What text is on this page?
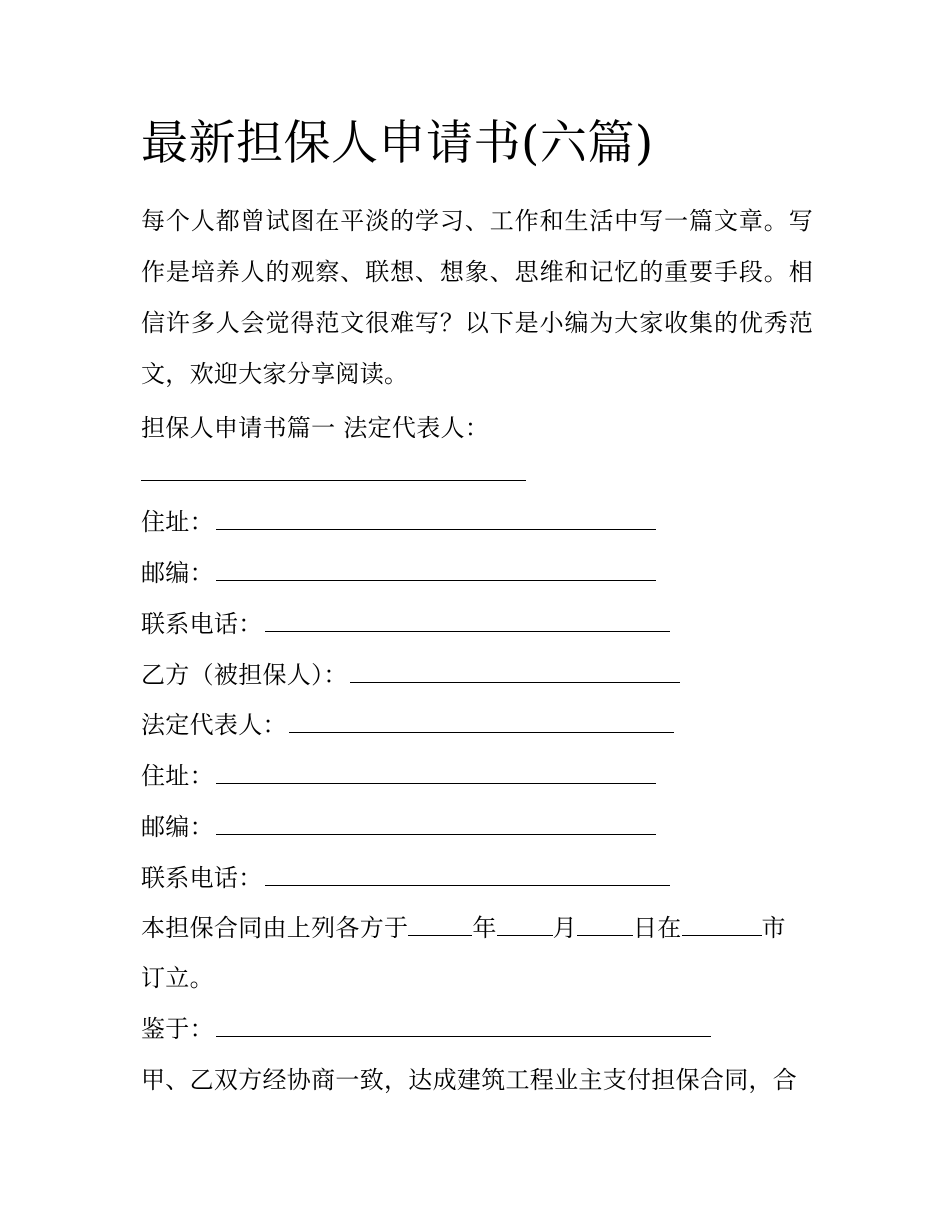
最新担保人申请书(六篇)
每个人都曾试图在平淡的学习、工作和生活中写一篇文章。写作是培养人的观察、联想、想象、思维和记忆的重要手段。相信许多人会觉得范文很难写？以下是小编为大家收集的优秀范文，欢迎大家分享阅读。
担保人申请书篇一 法定代表人：
住址：
邮编：
联系电话：
乙方（被担保人）：
法定代表人：
住址：
邮编：
联系电话：
本担保合同由上列各方于	年 月 日在	市
订立。
鉴于：
甲、乙双方经协商一致，达成建筑工程业主支付担保合同，合
